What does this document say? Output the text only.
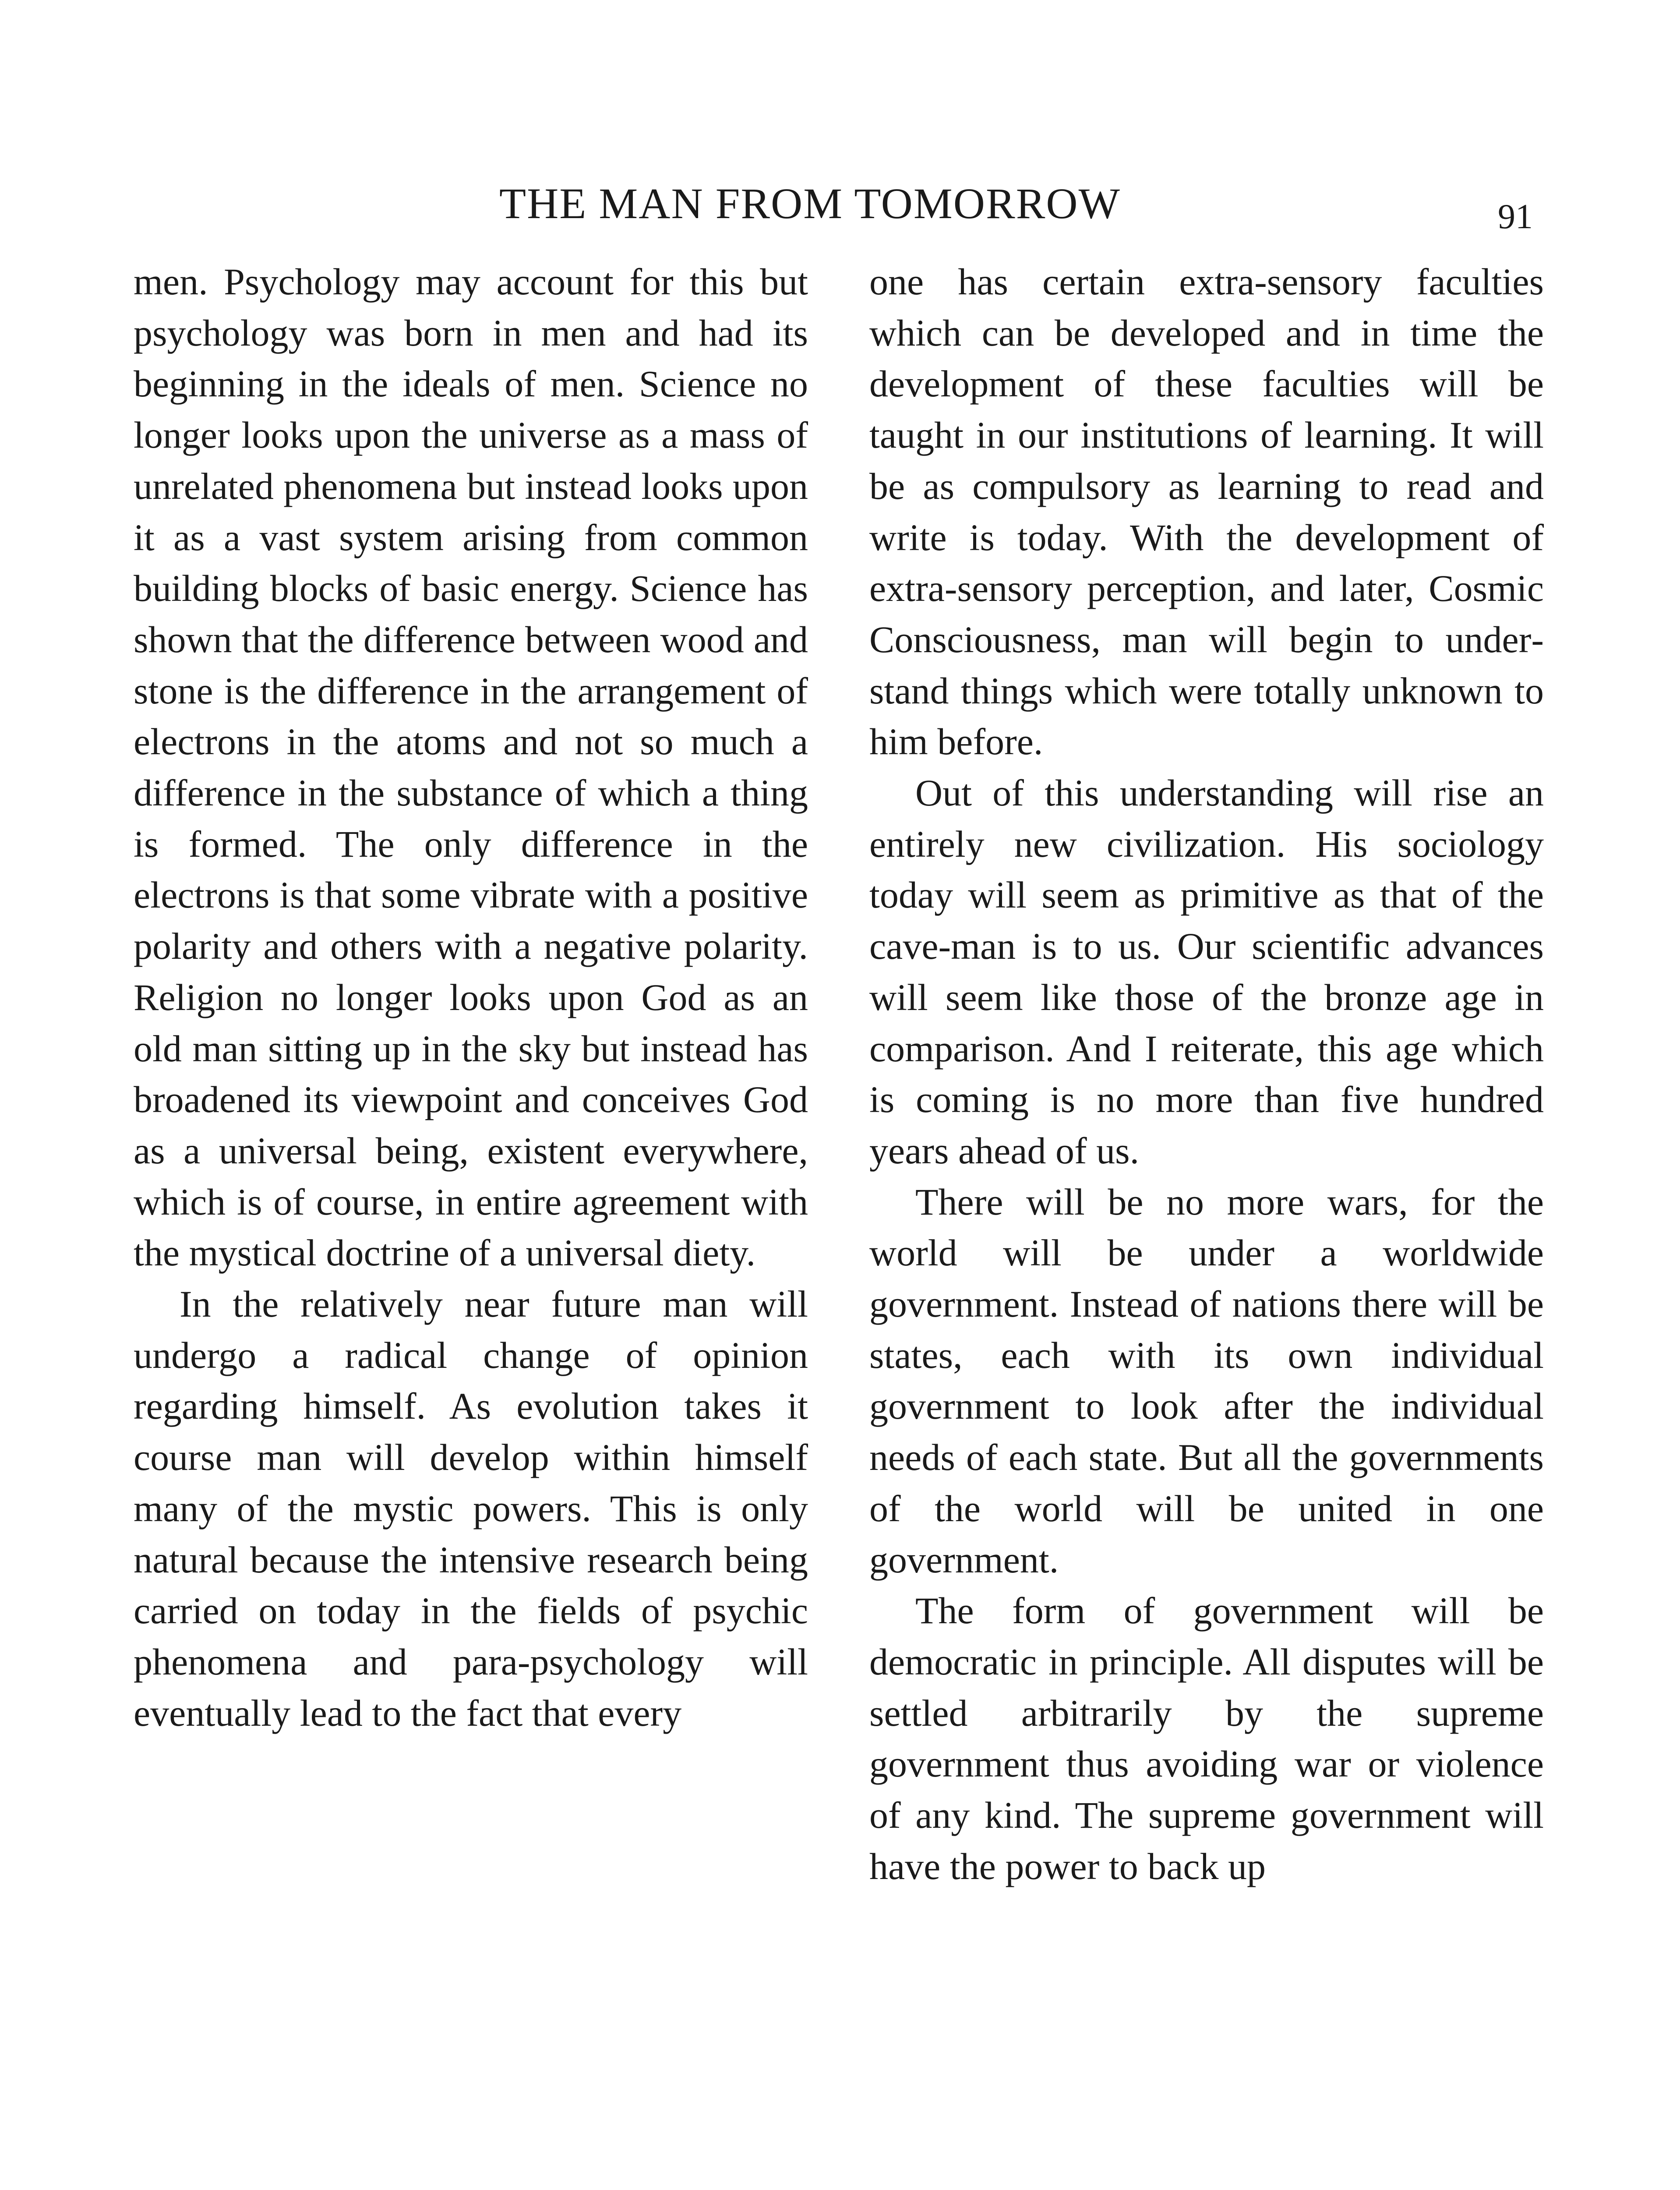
THE MAN FROM TOMORROW	91

men. Psychology may account for this but psychology was born in men and had its beginning in the ideals of men. Science no longer looks upon the universe as a mass of unrelated phenomena but instead looks upon it as a vast system arising from common building blocks of basic energy. Science has shown that the difference between wood and stone is the difference in the arrangement of electrons in the atoms and not so much a difference in the substance of which a thing is formed. The only difference in the electrons is that some vibrate with a positive polarity and others with a negative polarity. Religion no longer looks upon God as an old man sitting up in the sky but instead has broadened its viewpoint and conceives God as a universal being, existent everywhere, which is of course, in entire agreement with the mystical doctrine of a universal diety.

In the relatively near future man will undergo a radical change of opinion regarding himself. As evolution takes it course man will develop within himself many of the mystic powers. This is only natural because the intensive research being carried on today in the fields of psychic phenomena and para-psychology will eventually lead to the fact that every

one has certain extra-sensory faculties which can be developed and in time the development of these faculties will be taught in our institutions of learning. It will be as compulsory as learning to read and write is today. With the development of extra-sensory perception, and later, Cosmic Consciousness, man will begin to understand things which were totally unknown to him before.

Out of this understanding will rise an entirely new civilization. His sociology today will seem as primitive as that of the cave-man is to us. Our scientific advances will seem like those of the bronze age in comparison. And I reiterate, this age which is coming is no more than five hundred years ahead of us.

There will be no more wars, for the world will be under a worldwide government. Instead of nations there will be states, each with its own individual government to look after the individual needs of each state. But all the governments of the world will be united in one government.

The form of government will be democratic in principle. All disputes will be settled arbitrarily by the supreme government thus avoiding war or violence of any kind. The supreme government will have the power to back up
